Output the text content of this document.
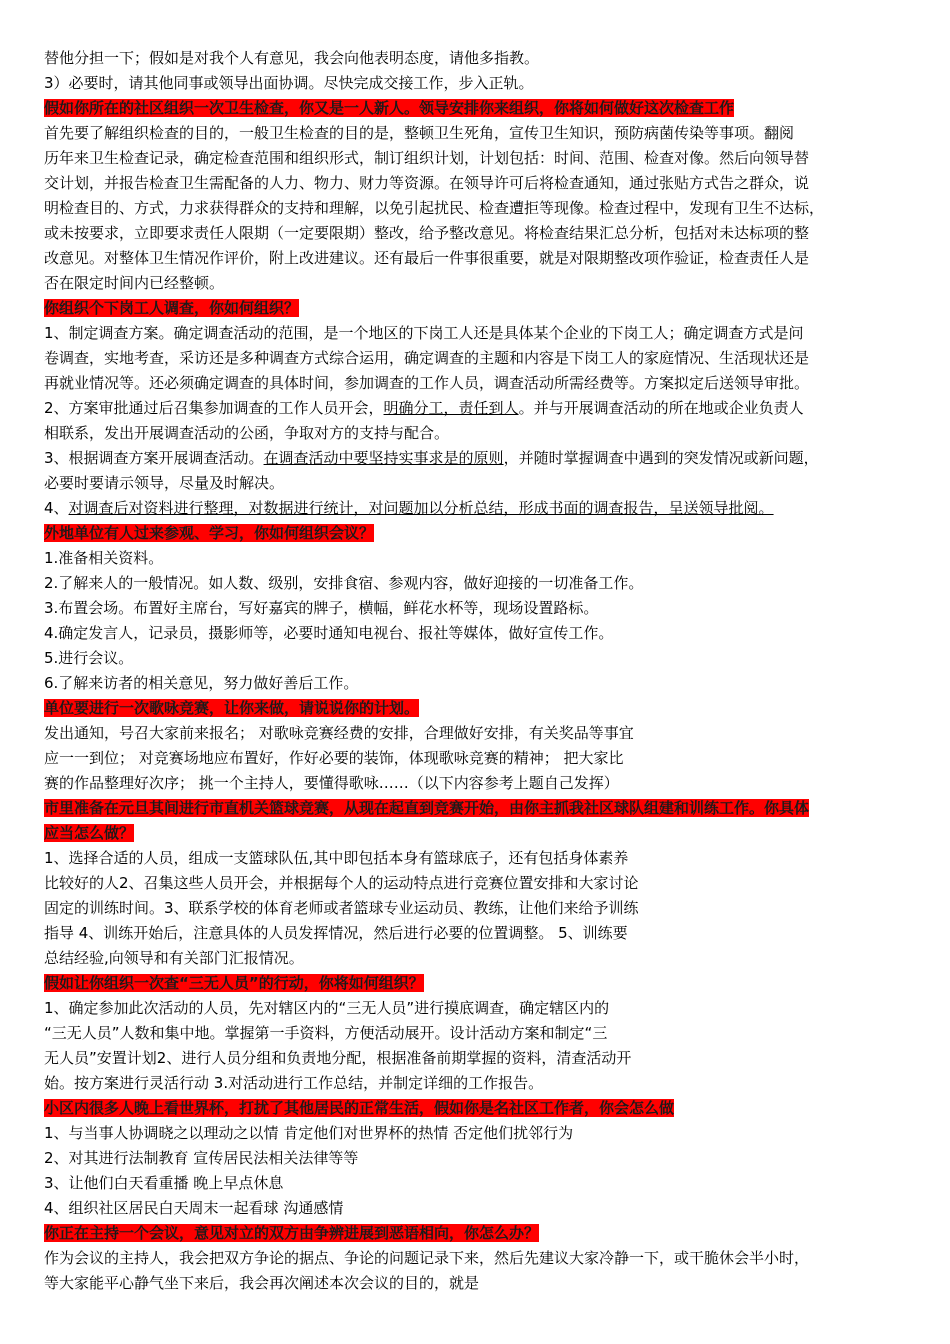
替他分担一下；假如是对我个人有意见，我会向他表明态度，请他多指教。
3）必要时，请其他同事或领导出面协调。尽快完成交接工作，步入正轨。
假如你所在的社区组织一次卫生检查，你又是一人新人。领导安排你来组织，你将如何做好这次检查工作
首先要了解组织检查的目的，一般卫生检查的目的是，整顿卫生死角，宣传卫生知识，预防病菌传染等事项。翻阅
历年来卫生检查记录，确定检查范围和组织形式，制订组织计划，计划包括：时间、范围、检查对像。然后向领导替
交计划，并报告检查卫生需配备的人力、物力、财力等资源。在领导许可后将检查通知，通过张贴方式告之群众，说
明检查目的、方式，力求获得群众的支持和理解，以免引起扰民、检查遭拒等现像。检查过程中，发现有卫生不达标，
或未按要求，立即要求责任人限期（一定要限期）整改，给予整改意见。将检查结果汇总分析，包括对未达标项的整
改意见。对整体卫生情况作评价，附上改进建议。还有最后一件事很重要，就是对限期整改项作验证，检查责任人是
否在限定时间内已经整顿。
你组织个下岗工人调查，你如何组织？
1、制定调查方案。确定调查活动的范围，是一个地区的下岗工人还是具体某个企业的下岗工人；确定调查方式是问
卷调查，实地考查，采访还是多种调查方式综合运用，确定调查的主题和内容是下岗工人的家庭情况、生活现状还是
再就业情况等。还必须确定调查的具体时间，参加调查的工作人员，调查活动所需经费等。方案拟定后送领导审批。
2、方案审批通过后召集参加调查的工作人员开会，明确分工，责任到人。并与开展调查活动的所在地或企业负责人
相联系，发出开展调查活动的公函，争取对方的支持与配合。
3、根据调查方案开展调查活动。在调查活动中要坚持实事求是的原则，并随时掌握调查中遇到的突发情况或新问题，
必要时要请示领导，尽量及时解决。
4、对调查后对资料进行整理，对数据进行统计，对问题加以分析总结，形成书面的调查报告，呈送领导批阅。
外地单位有人过来参观、学习，你如何组织会议？
1.准备相关资料。
2.了解来人的一般情况。如人数、级别，安排食宿、参观内容，做好迎接的一切准备工作。
3.布置会场。布置好主席台，写好嘉宾的牌子，横幅，鲜花水杯等，现场设置路标。
4.确定发言人，记录员，摄影师等，必要时通知电视台、报社等媒体，做好宣传工作。
5.进行会议。
6.了解来访者的相关意见，努力做好善后工作。
单位要进行一次歌咏竞赛，让你来做，请说说你的计划。
发出通知，号召大家前来报名； 对歌咏竞赛经费的安排，合理做好安排，有关奖品等事宜
应一一到位； 对竞赛场地应布置好，作好必要的装饰，体现歌咏竞赛的精神； 把大家比
赛的作品整理好次序； 挑一个主持人，要懂得歌咏……（以下内容参考上题自己发挥）
市里准备在元旦其间进行市直机关篮球竞赛，从现在起直到竞赛开始，由你主抓我社区球队组建和训练工作。你具体
应当怎么做？
1、选择合适的人员，组成一支篮球队伍,其中即包括本身有篮球底子，还有包括身体素养
比较好的人2、召集这些人员开会，并根据每个人的运动特点进行竞赛位置安排和大家讨论
固定的训练时间。3、联系学校的体育老师或者篮球专业运动员、教练，让他们来给予训练
指导 4、训练开始后，注意具体的人员发挥情况，然后进行必要的位置调整。 5、训练要
总结经验,向领导和有关部门汇报情况。
假如让你组织一次查“三无人员”的行动，你将如何组织？
1、确定参加此次活动的人员，先对辖区内的“三无人员”进行摸底调查，确定辖区内的
“三无人员”人数和集中地。掌握第一手资料，方便活动展开。设计活动方案和制定“三
无人员”安置计划2、进行人员分组和负责地分配，根据准备前期掌握的资料，清查活动开
始。按方案进行灵活行动 3.对活动进行工作总结，并制定详细的工作报告。
小区内很多人晚上看世界杯，打扰了其他居民的正常生活，假如你是名社区工作者，你会怎么做
1、与当事人协调晓之以理动之以情 肯定他们对世界杯的热情 否定他们扰邻行为
2、对其进行法制教育 宣传居民法相关法律等等
3、让他们白天看重播 晚上早点休息
4、组织社区居民白天周末一起看球 沟通感情
你正在主持一个会议，意见对立的双方由争辨进展到恶语相向，你怎么办？
作为会议的主持人，我会把双方争论的据点、争论的问题记录下来，然后先建议大家冷静一下，或干脆休会半小时，
等大家能平心静气坐下来后，我会再次阐述本次会议的目的，就是
